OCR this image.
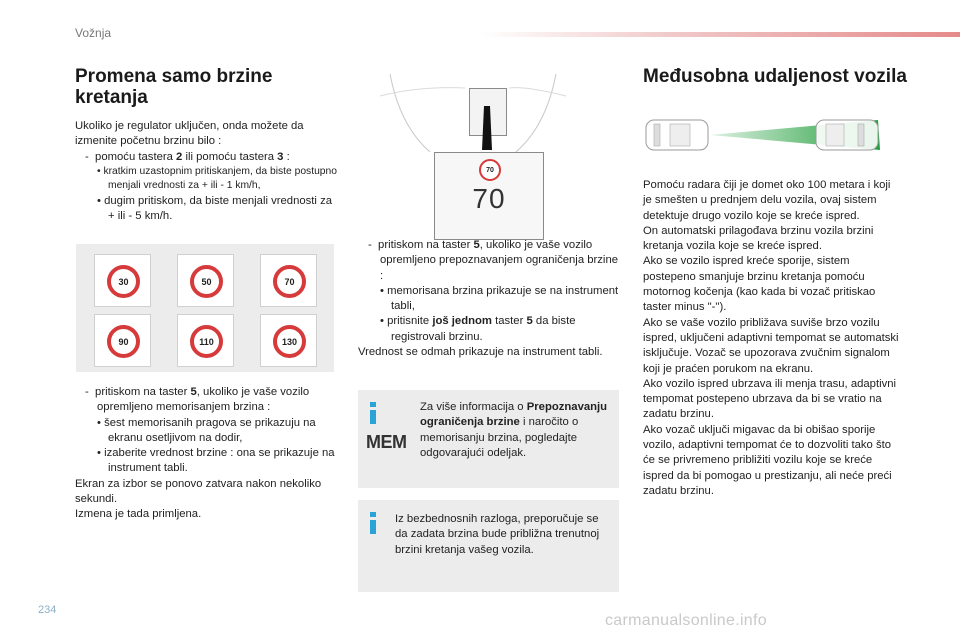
Vožnja
Promena samo brzine kretanja

Ukoliko je regulator uključen, onda možete da izmenite početnu brzinu bilo :

-  pomoću tastera 2 ili pomoću tastera 3 :

• kratkim uzastopnim pritiskanjem, da biste postupno menjali vrednosti za + ili - 1 km/h,

• dugim pritiskom, da biste menjali vrednosti za + ili - 5 km/h.

30	50	70
90	110	130

-  pritiskom na taster 5, ukoliko je vaše vozilo opremljeno memorisanjem brzina :

• šest memorisanih pragova se prikazuju na ekranu osetljivom na dodir,

• izaberite vrednost brzine : ona se prikazuje na instrument tabli.

Ekran za izbor se ponovo zatvara nakon nekoliko sekundi.

Izmena je tada primljena.

70
70

-  pritiskom na taster 5, ukoliko je vaše vozilo opremljeno prepoznavanjem ograničenja brzine :

• memorisana brzina prikazuje se na instrument tabli,

• pritisnite još jednom taster 5 da biste registrovali brzinu.

Vrednost se odmah prikazuje na instrument tabli.

MEM

Za više informacija o Prepoznavanju ograničenja brzine i naročito o memorisanju brzina, pogledajte odgovarajući odeljak.

Iz bezbednosnih razloga, preporučuje se da zadata brzina bude približna trenutnoj brzini kretanja vašeg vozila.

Međusobna udaljenost vozila

Pomoću radara čiji je domet oko 100 metara i koji je smešten u prednjem delu vozila, ovaj sistem detektuje drugo vozilo koje se kreće ispred.

On automatski prilagođava brzinu vozila brzini kretanja vozila koje se kreće ispred.

Ako se vozilo ispred kreće sporije, sistem postepeno smanjuje brzinu kretanja pomoću motornog kočenja (kao kada bi vozač pritiskao taster minus "-").

Ako se vaše vozilo približava suviše brzo vozilu ispred, uključeni adaptivni tempomat se automatski isključuje. Vozač se upozorava zvučnim signalom koji je praćen porukom na ekranu.

Ako vozilo ispred ubrzava ili menja trasu, adaptivni tempomat postepeno ubrzava da bi se vratio na zadatu brzinu.

Ako vozač uključi migavac da bi obišao sporije vozilo, adaptivni tempomat će to dozvoliti tako što će se privremeno približiti vozilu koje se kreće ispred da bi pomogao u prestizanju, ali neće preći zadatu brzinu.

234
carmanualsonline.info
